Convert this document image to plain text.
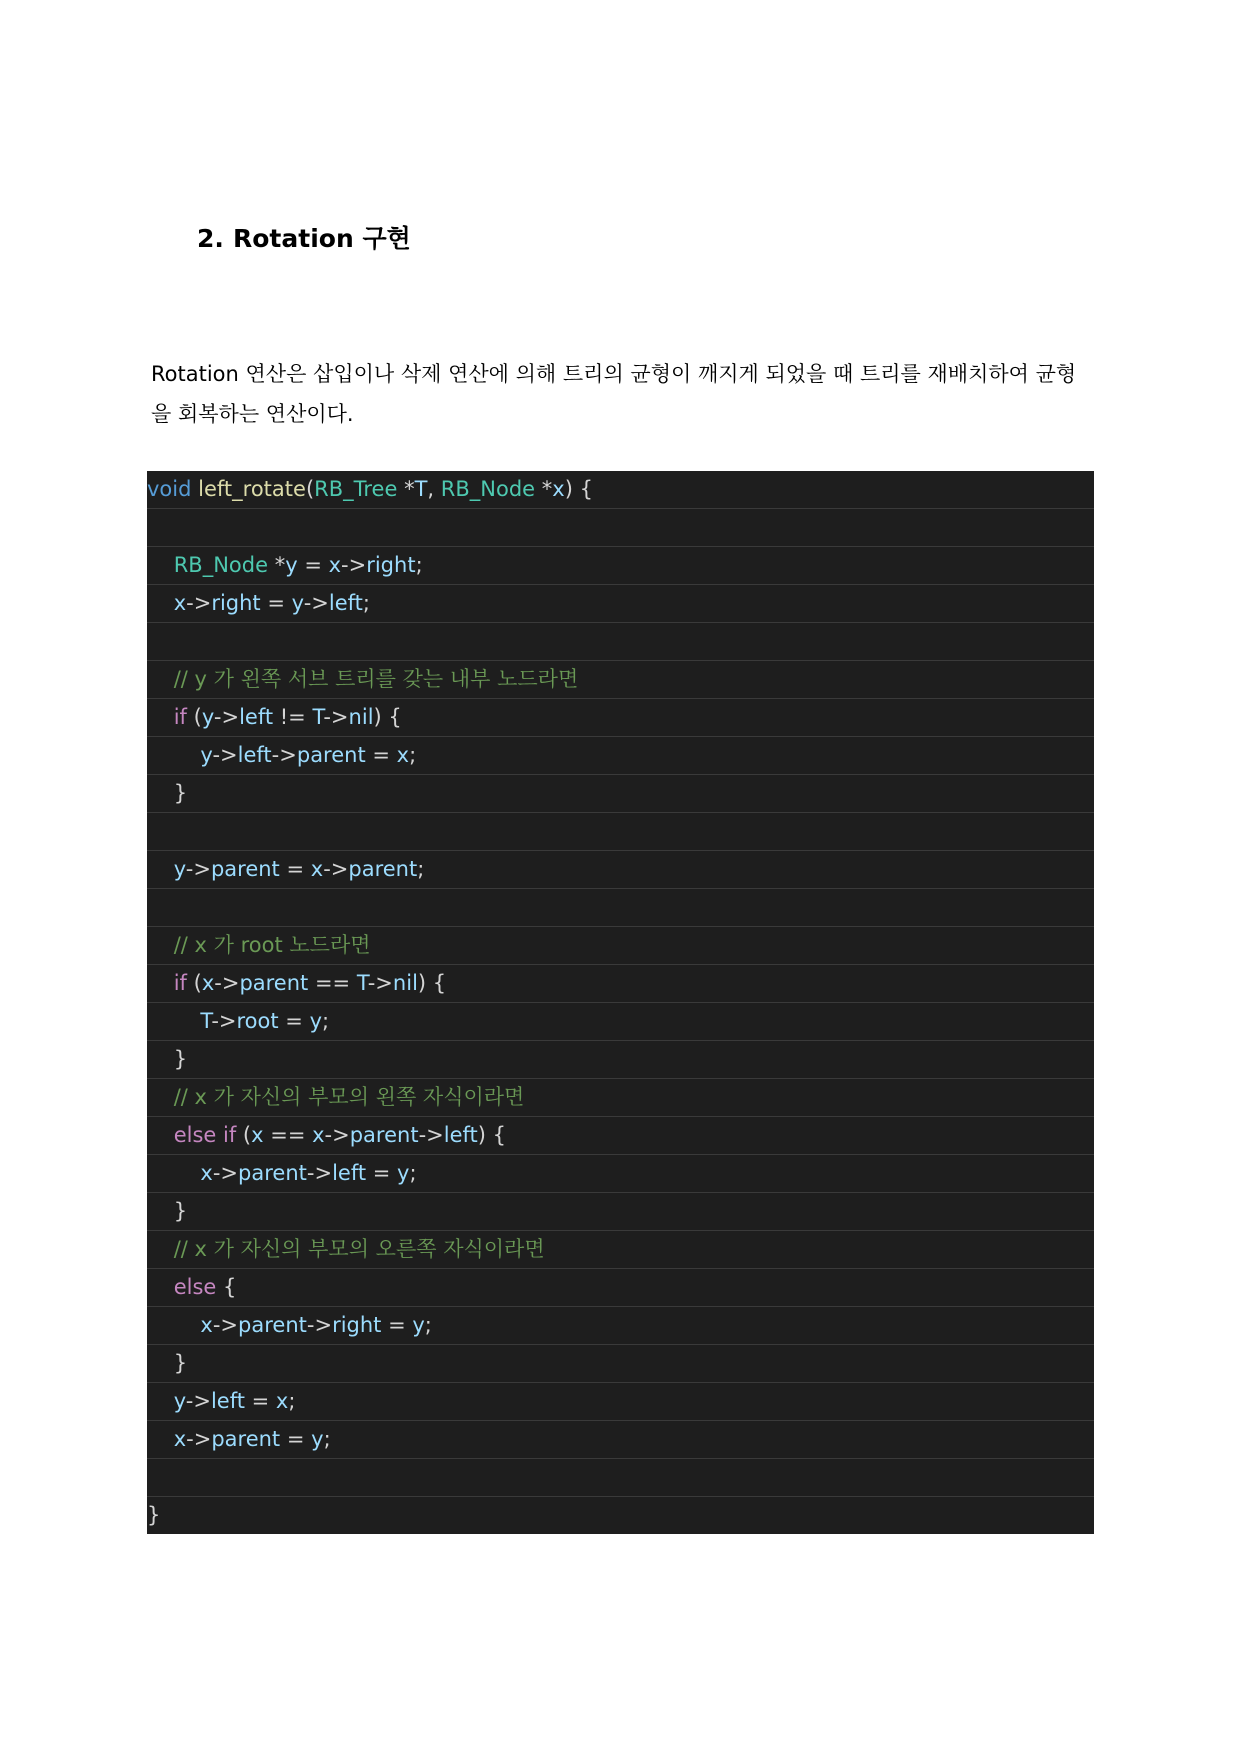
2. Rotation 구현

Rotation 연산은 삽입이나 삭제 연산에 의해 트리의 균형이 깨지게 되었을 때 트리를 재배치하여 균형을 회복하는 연산이다.

void left_rotate(RB_Tree *T, RB_Node *x) {
RB_Node *y = x->right;
x->right = y->left;
// y 가 왼쪽 서브 트리를 갖는 내부 노드라면
if (y->left != T->nil) {
y->left->parent = x;
}
y->parent = x->parent;
// x 가 root 노드라면
if (x->parent == T->nil) {
T->root = y;
}
// x 가 자신의 부모의 왼쪽 자식이라면
else if (x == x->parent->left) {
x->parent->left = y;
}
// x 가 자신의 부모의 오른쪽 자식이라면
else {
x->parent->right = y;
}
y->left = x;
x->parent = y;
}
